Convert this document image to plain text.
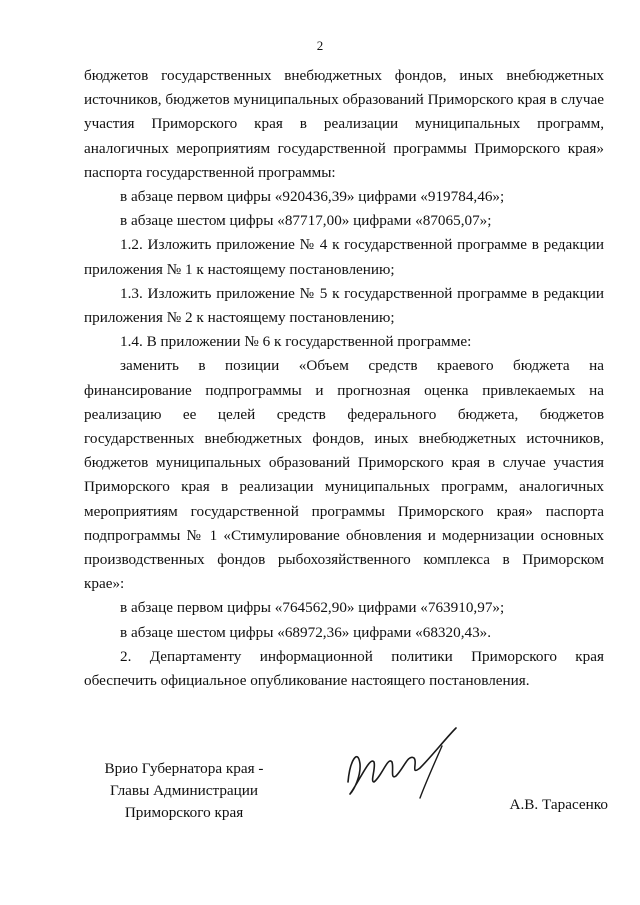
2

бюджетов государственных внебюджетных фондов, иных внебюджетных источников, бюджетов муниципальных образований Приморского края в случае участия Приморского края в реализации муниципальных программ, аналогичных мероприятиям государственной программы Приморского края» паспорта государственной программы:

в абзаце первом цифры «920436,39» цифрами «919784,46»;

в абзаце шестом цифры «87717,00» цифрами «87065,07»;

1.2. Изложить приложение № 4 к государственной программе в редакции приложения № 1 к настоящему постановлению;

1.3. Изложить приложение № 5 к государственной программе в редакции приложения № 2 к настоящему постановлению;

1.4. В приложении № 6 к государственной программе:

заменить в позиции «Объем средств краевого бюджета на финансирование подпрограммы и прогнозная оценка привлекаемых на реализацию ее целей средств федерального бюджета, бюджетов государственных внебюджетных фондов, иных внебюджетных источников, бюджетов муниципальных образований Приморского края в случае участия Приморского края в реализации муниципальных программ, аналогичных мероприятиям государственной программы Приморского края» паспорта подпрограммы № 1 «Стимулирование обновления и модернизации основных производственных фондов рыбохозяйственного комплекса в Приморском крае»:

в абзаце первом цифры «764562,90» цифрами «763910,97»;

в абзаце шестом цифры «68972,36» цифрами «68320,43».

2. Департаменту информационной политики Приморского края обеспечить официальное опубликование настоящего постановления.

Врио Губернатора края -
Главы Администрации
Приморского края	А.В. Тарасенко
